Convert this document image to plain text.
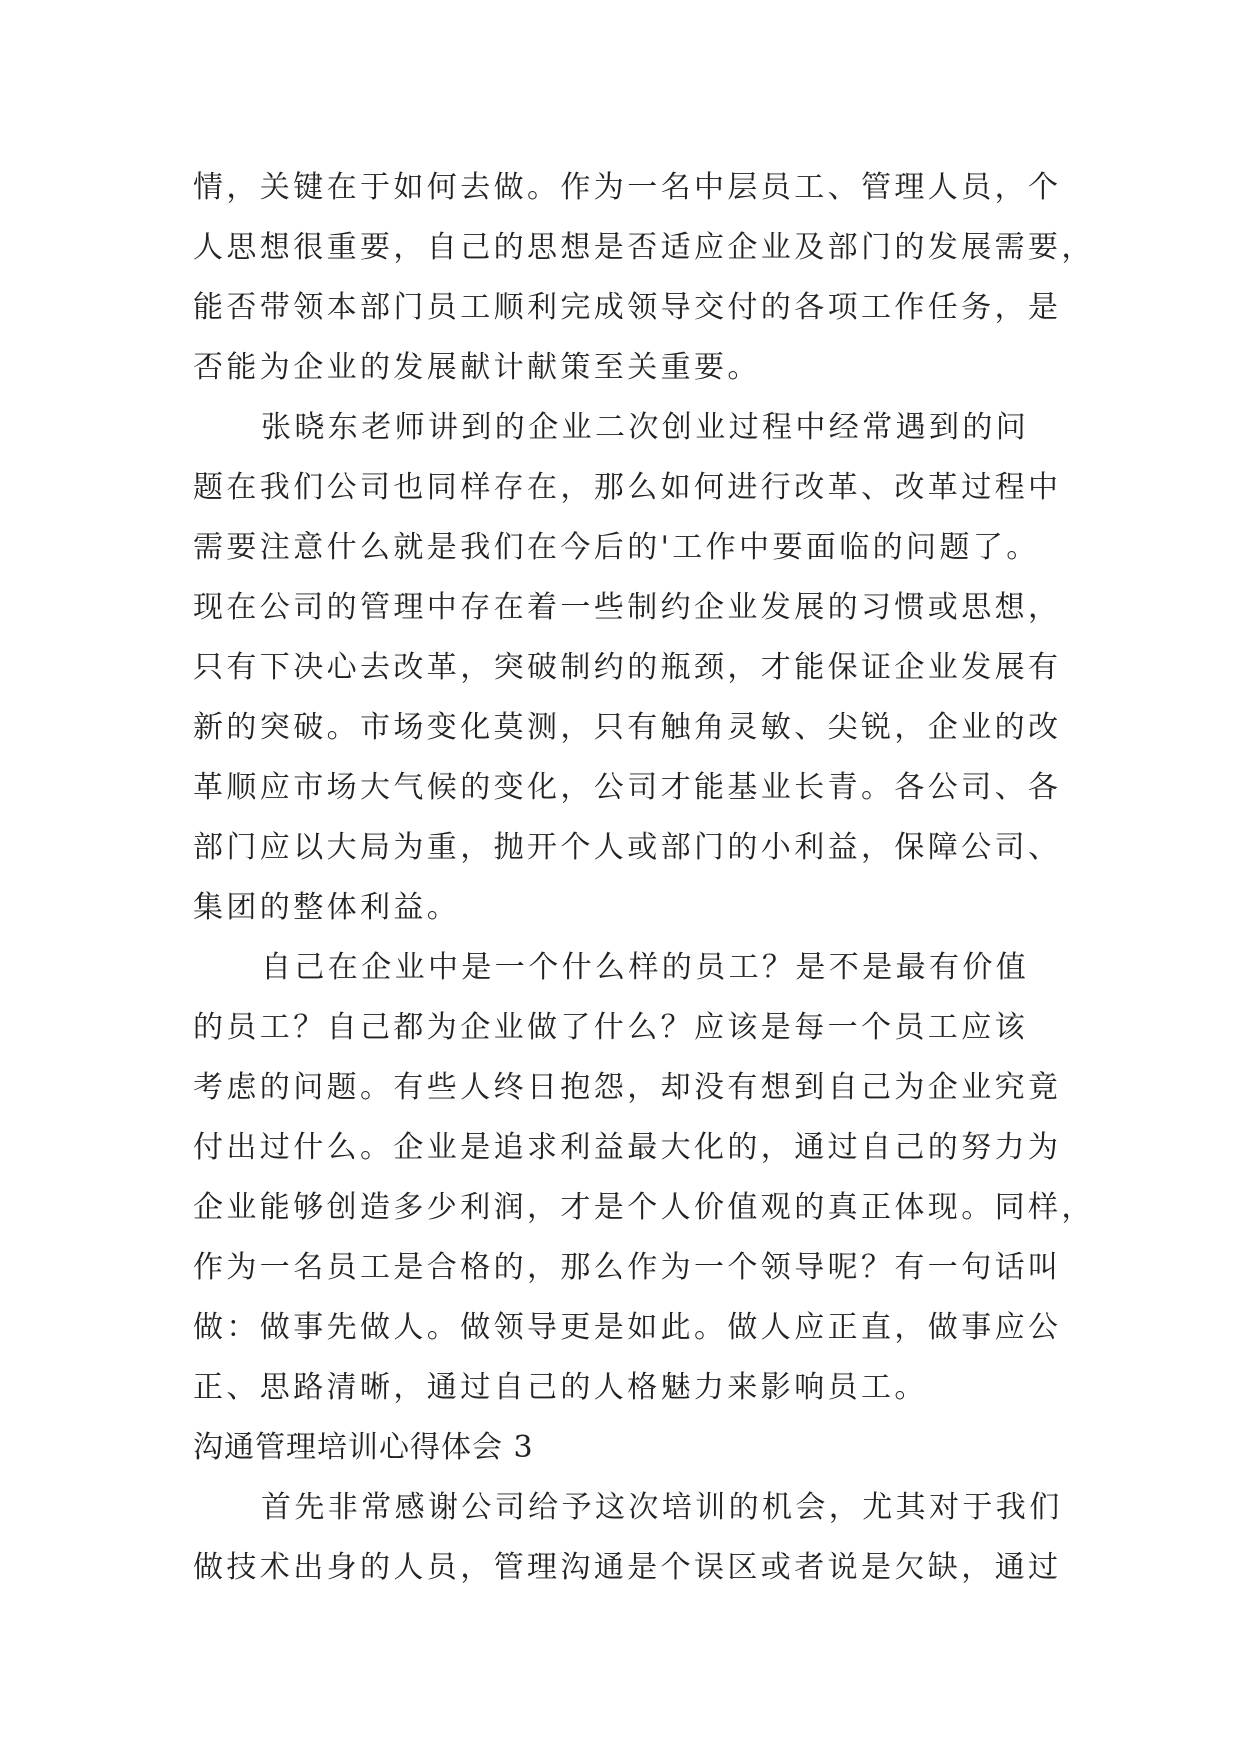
情，关键在于如何去做。作为一名中层员工、管理人员，个
人思想很重要，自己的思想是否适应企业及部门的发展需要，
能否带领本部门员工顺利完成领导交付的各项工作任务，是
否能为企业的发展献计献策至关重要。
张晓东老师讲到的企业二次创业过程中经常遇到的问
题在我们公司也同样存在，那么如何进行改革、改革过程中
需要注意什么就是我们在今后的'工作中要面临的问题了。
现在公司的管理中存在着一些制约企业发展的习惯或思想，
只有下决心去改革，突破制约的瓶颈，才能保证企业发展有
新的突破。市场变化莫测，只有触角灵敏、尖锐，企业的改
革顺应市场大气候的变化，公司才能基业长青。各公司、各
部门应以大局为重，抛开个人或部门的小利益，保障公司、
集团的整体利益。
自己在企业中是一个什么样的员工？是不是最有价值
的员工？自己都为企业做了什么？应该是每一个员工应该
考虑的问题。有些人终日抱怨，却没有想到自己为企业究竟
付出过什么。企业是追求利益最大化的，通过自己的努力为
企业能够创造多少利润，才是个人价值观的真正体现。同样，
作为一名员工是合格的，那么作为一个领导呢？有一句话叫
做：做事先做人。做领导更是如此。做人应正直，做事应公
正、思路清晰，通过自己的人格魅力来影响员工。
沟通管理培训心得体会 3
首先非常感谢公司给予这次培训的机会，尤其对于我们
做技术出身的人员，管理沟通是个误区或者说是欠缺，通过
